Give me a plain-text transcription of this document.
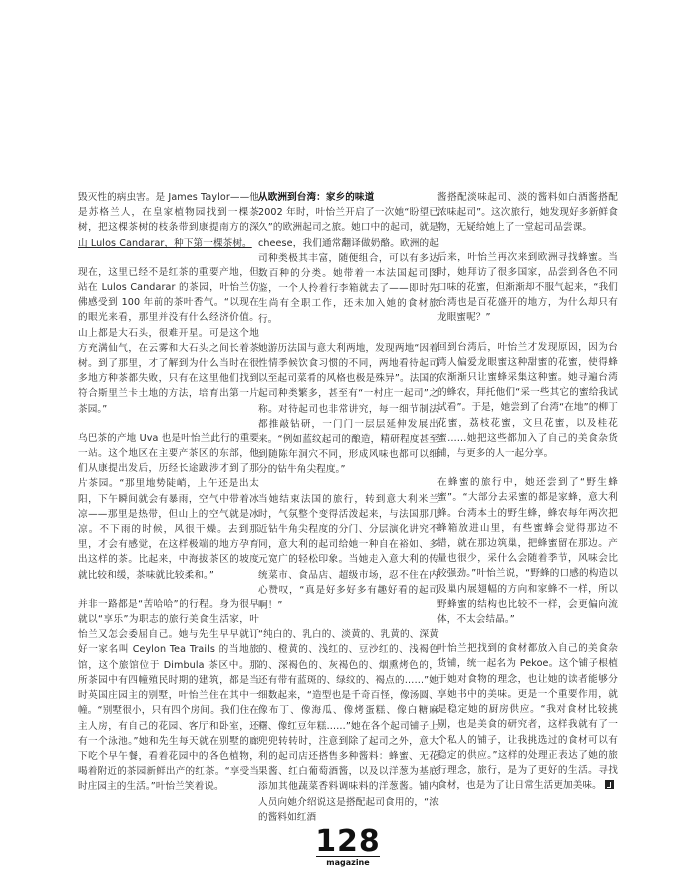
毁灭性的病虫害。是 James Taylor——他是苏格兰人，在皇家植物园找到一棵茶树，把这棵茶树的枝条带到康提南方的深山 Lulos Candarar，种下第一棵茶树。

现在，这里已经不是红茶的重要产地，但站在 Lulos Candarar 的茶园，叶怡兰仿佛感受到 100 年前的茶叶香气。“以现在的眼光来看，那里并没有什么经济价值。山上都是大石头，很难开星。可是这个地方充满仙气，在云雾和大石头之间长着茶树。到了那里，才了解到为什么当时在很多地方种茶都失败，只有在这里他们找到符合斯里兰卡土地的方法，培育出第一片茶园。”

乌巴茶的产地 Uva 也是叶怡兰此行的重要一站。这个地区在主要产茶区的东部，他们从康提出发后，历经长途跋涉才到了那片茶园。“那里地势陡峭，上午还是出太阳，下午瞬间就会有暴雨，空气中带着冰凉——那里是热带，但山上的空气就是冰凉。不下雨的时候，风很干燥。去到那里，才会有感觉，在这样极端的地方孕育出这样的茶。比起来，中海拔茶区的坡度就比较和缓，茶味就比较柔和。”

并非一路都是“苦哈哈”的行程。身为很早就以“享乐”为职志的旅行美食生活家，叶怡兰又怎会委屈自己。她与先生早早就订好一家名叫 Ceylon Tea Trails 的当地旅馆，这个旅馆位于 Dimbula 茶区中。那所茶园中有四幢殖民时期的建筑，都是当时英国庄园主的别墅，叶怡兰住在其中一幢。“别墅很小，只有四个房间。我们住在主人房，有自己的花园、客厅和卧室，还有一个泳池。”她和先生每天就在别墅的廊下吃个早午餐，看着花园中的各色植物，喝着附近的茶园新鲜出产的红茶。“享受当时庄园主的生活。”叶怡兰笑着说。

从欧洲到台湾：家乡的味道

2002 年时，叶怡兰开启了一次她“盼望已久”的欧洲起司之旅。她口中的起司，就是 cheese，我们通常翻译做奶酪。欧洲的起司种类极其丰富，随便组合，可以有多达数百种的分类。她带着一本法国起司图鉴，一个人拎着行李箱就去了——即时先生尚有全职工作，还未加入她的食材旅行。

她游历法国与意大利两地，发现两地“因着性情季候饮食习惯的不同，两地看待起司以至起司菜肴的风格也极是殊异”。法国的起司种类繁多，甚至有“一村庄一起司”之称。对待起司也非常讲究，每一细节制法都推敲钻研，一门门一层层延伸发展出来。“例如蓝纹起司的酿造，精研程度甚至到随陈年洞穴不同，形成风味也都可以细分的钻牛角尖程度。”

当她结束法国的旅行，转到意大利米兰时，气氛整个变得活泼起来，与法国那几近钻牛角尖程度的分门、分层演化讲究不同，意大利的起司给她一种自在裕如、多元宽广的轻松印象。当她走入意大利的传统菜市、食品店、超级市场，忍不住在内心赞叹，“真是好多好多有趣好看的起司啊！”

“纯白的、乳白的、淡黄的、乳黄的、深黄的、橙黄的、浅红的、豆沙红的、浅褐色的、深褐色的、灰褐色的、烟熏烤色的，还有带有蓝斑的、绿纹的、褐点的……”她细数起来，“造型也是千奇百怪，像汤圆、像布丁、像海瓜、像烤蛋糕、像白糖麻糬、像红豆年糕……”她在各个起司铺子上兜兜转转时，注意到除了起司之外，意大利的起司店还搭售多种酱料：蜂蜜、无花果酱、红白葡萄酒酱，以及以洋葱为基底添加其他蔬菜香料调味料的洋葱酱。铺内人员向她介绍说这是搭配起司食用的，“浓的酱料如红酒

酱搭配淡味起司、淡的酱料如白酒酱搭配浓味起司”。这次旅行，她发现好多新鲜食物，无疑给她上了一堂起司品尝课。

后来，叶怡兰再次来到欧洲寻找蜂蜜。当时，她拜访了很多国家，品尝到各色不同口味的花蜜，但渐渐却不服气起来，“我们台湾也是百花盛开的地方，为什么却只有龙眼蜜呢？”

回到台湾后，叶怡兰才发现原因，因为台湾人偏爱龙眼蜜这种甜蜜的花蜜，使得蜂农渐渐只让蜜蜂采集这种蜜。她寻遍台湾的蜂农，拜托他们“采一些其它的蜜给我试试看”。于是，她尝到了台湾“在地”的柳丁花蜜，荔枝花蜜，文旦花蜜，以及桂花蜜……她把这些都加入了自己的美食杂货铺，与更多的人一起分享。

在蜂蜜的旅行中，她还尝到了“野生蜂蜜”。“大部分去采蜜的都是家蜂，意大利蜂。台湾本土的野生蜂，蜂农每年两次把蜂箱放进山里，有些蜜蜂会觉得那边不错，就在那边筑巢，把蜂蜜留在那边。产量也很少，采什么会随着季节，风味会比较强劲。”叶怡兰说，“野蜂的口感的构造以及巢内展翅幅的方向和家蜂不一样，所以野蜂蜜的结构也比较不一样，会更偏向流体，不太会结晶。”

叶怡兰把找到的食材都放入自己的美食杂货铺，统一起名为 Pekoe。这个铺子根植于她对食物的理念，也让她的读者能够分享她书中的美味。更是一个重要作用，就是稳定她的厨房供应。“我对食材比较挑剔，也是美食的研究者，这样我就有了一个私人的铺子，让我挑选过的食材可以有稳定的供应。”这样的处理正表达了她的旅行理念，旅行，是为了更好的生活。寻找食材，也是为了让日常生活更加美味。

128
magazine
